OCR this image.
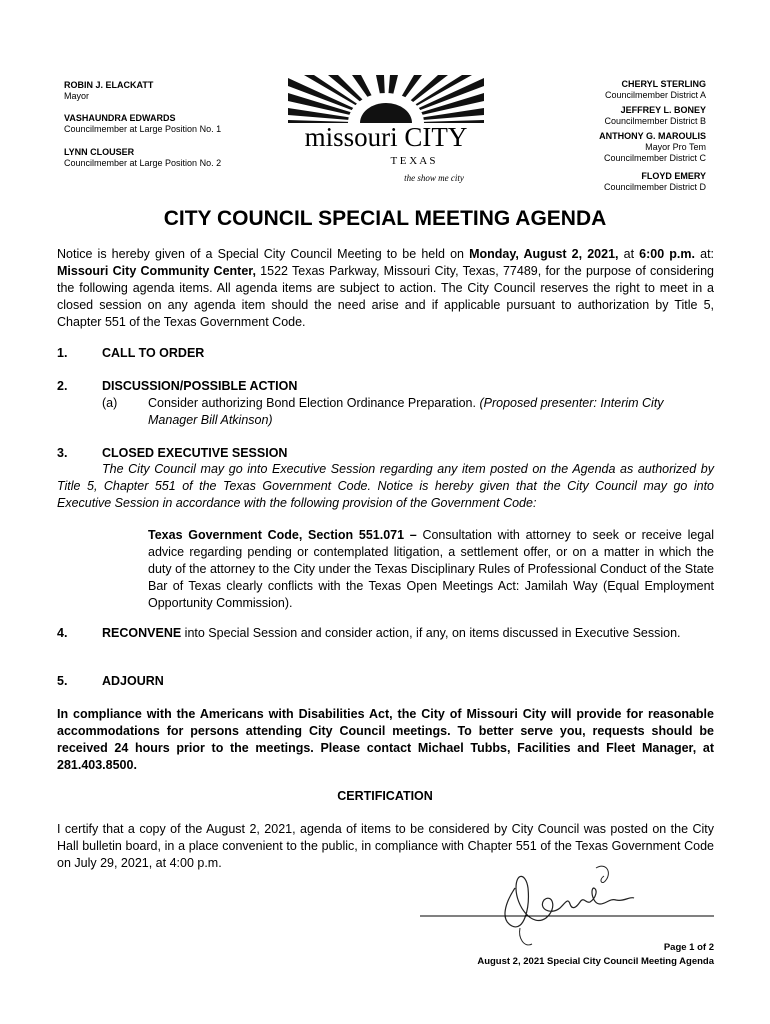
ROBIN J. ELACKATT
Mayor
VASHAUNDRA EDWARDS
Councilmember at Large Position No. 1
LYNN CLOUSER
Councilmember at Large Position No. 2
CHERYL STERLING
Councilmember District A
JEFFREY L. BONEY
Councilmember District B
ANTHONY G. MAROULIS
Mayor Pro Tem
Councilmember District C
FLOYD EMERY
Councilmember District D
missouri CITY
T E X A S
the show me city
CITY COUNCIL SPECIAL MEETING AGENDA
Notice is hereby given of a Special City Council Meeting to be held on Monday, August 2, 2021, at 6:00 p.m. at: Missouri City Community Center, 1522 Texas Parkway, Missouri City, Texas, 77489, for the purpose of considering the following agenda items. All agenda items are subject to action. The City Council reserves the right to meet in a closed session on any agenda item should the need arise and if applicable pursuant to authorization by Title 5, Chapter 551 of the Texas Government Code.
1.	CALL TO ORDER
2.	DISCUSSION/POSSIBLE ACTION
(a) Consider authorizing Bond Election Ordinance Preparation. (Proposed presenter: Interim City Manager Bill Atkinson)
3.	CLOSED EXECUTIVE SESSION
The City Council may go into Executive Session regarding any item posted on the Agenda as authorized by Title 5, Chapter 551 of the Texas Government Code. Notice is hereby given that the City Council may go into Executive Session in accordance with the following provision of the Government Code:
Texas Government Code, Section 551.071 – Consultation with attorney to seek or receive legal advice regarding pending or contemplated litigation, a settlement offer, or on a matter in which the duty of the attorney to the City under the Texas Disciplinary Rules of Professional Conduct of the State Bar of Texas clearly conflicts with the Texas Open Meetings Act: Jamilah Way (Equal Employment Opportunity Commission).
4.	RECONVENE into Special Session and consider action, if any, on items discussed in Executive Session.
5.	ADJOURN
In compliance with the Americans with Disabilities Act, the City of Missouri City will provide for reasonable accommodations for persons attending City Council meetings. To better serve you, requests should be received 24 hours prior to the meetings. Please contact Michael Tubbs, Facilities and Fleet Manager, at 281.403.8500.
CERTIFICATION
I certify that a copy of the August 2, 2021, agenda of items to be considered by City Council was posted on the City Hall bulletin board, in a place convenient to the public, in compliance with Chapter 551 of the Texas Government Code on July 29, 2021, at 4:00 p.m.
Page 1 of 2
August 2, 2021 Special City Council Meeting Agenda
